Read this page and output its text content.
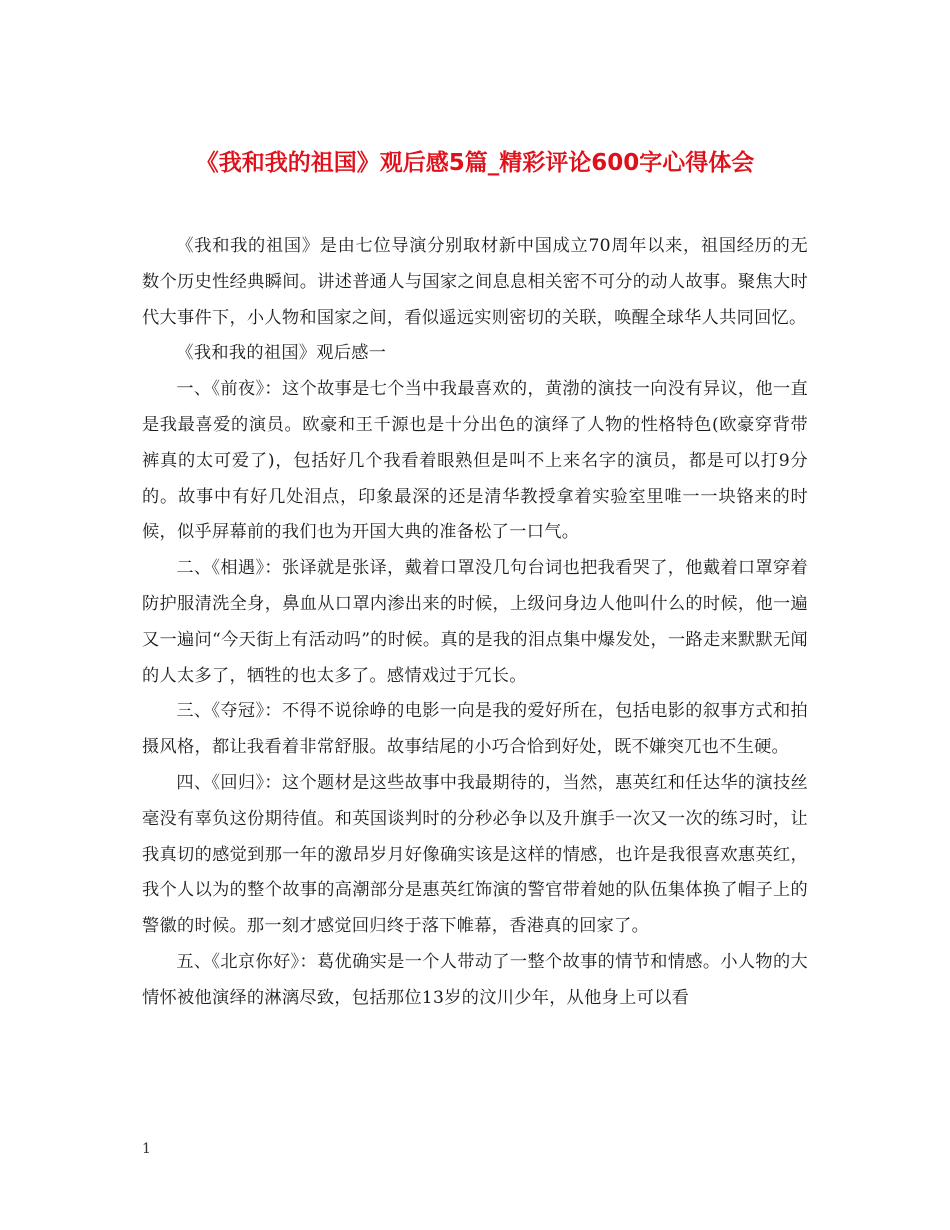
《我和我的祖国》观后感5篇_精彩评论600字心得体会

《我和我的祖国》是由七位导演分别取材新中国成立70周年以来，祖国经历的无数个历史性经典瞬间。讲述普通人与国家之间息息相关密不可分的动人故事。聚焦大时代大事件下，小人物和国家之间，看似遥远实则密切的关联，唤醒全球华人共同回忆。

《我和我的祖国》观后感一

一、《前夜》：这个故事是七个当中我最喜欢的，黄渤的演技一向没有异议，他一直是我最喜爱的演员。欧豪和王千源也是十分出色的演绎了人物的性格特色(欧豪穿背带裤真的太可爱了)，包括好几个我看着眼熟但是叫不上来名字的演员，都是可以打9分的。故事中有好几处泪点，印象最深的还是清华教授拿着实验室里唯一一块铬来的时候，似乎屏幕前的我们也为开国大典的准备松了一口气。

二、《相遇》：张译就是张译，戴着口罩没几句台词也把我看哭了，他戴着口罩穿着防护服清洗全身，鼻血从口罩内渗出来的时候，上级问身边人他叫什么的时候，他一遍又一遍问“今天街上有活动吗”的时候。真的是我的泪点集中爆发处，一路走来默默无闻的人太多了，牺牲的也太多了。感情戏过于冗长。

三、《夺冠》：不得不说徐峥的电影一向是我的爱好所在，包括电影的叙事方式和拍摄风格，都让我看着非常舒服。故事结尾的小巧合恰到好处，既不嫌突兀也不生硬。

四、《回归》：这个题材是这些故事中我最期待的，当然，惠英红和任达华的演技丝毫没有辜负这份期待值。和英国谈判时的分秒必争以及升旗手一次又一次的练习时，让我真切的感觉到那一年的激昂岁月好像确实该是这样的情感，也许是我很喜欢惠英红，我个人以为的整个故事的高潮部分是惠英红饰演的警官带着她的队伍集体换了帽子上的警徽的时候。那一刻才感觉回归终于落下帷幕，香港真的回家了。

五、《北京你好》：葛优确实是一个人带动了一整个故事的情节和情感。小人物的大情怀被他演绎的淋漓尽致，包括那位13岁的汶川少年，从他身上可以看

1
